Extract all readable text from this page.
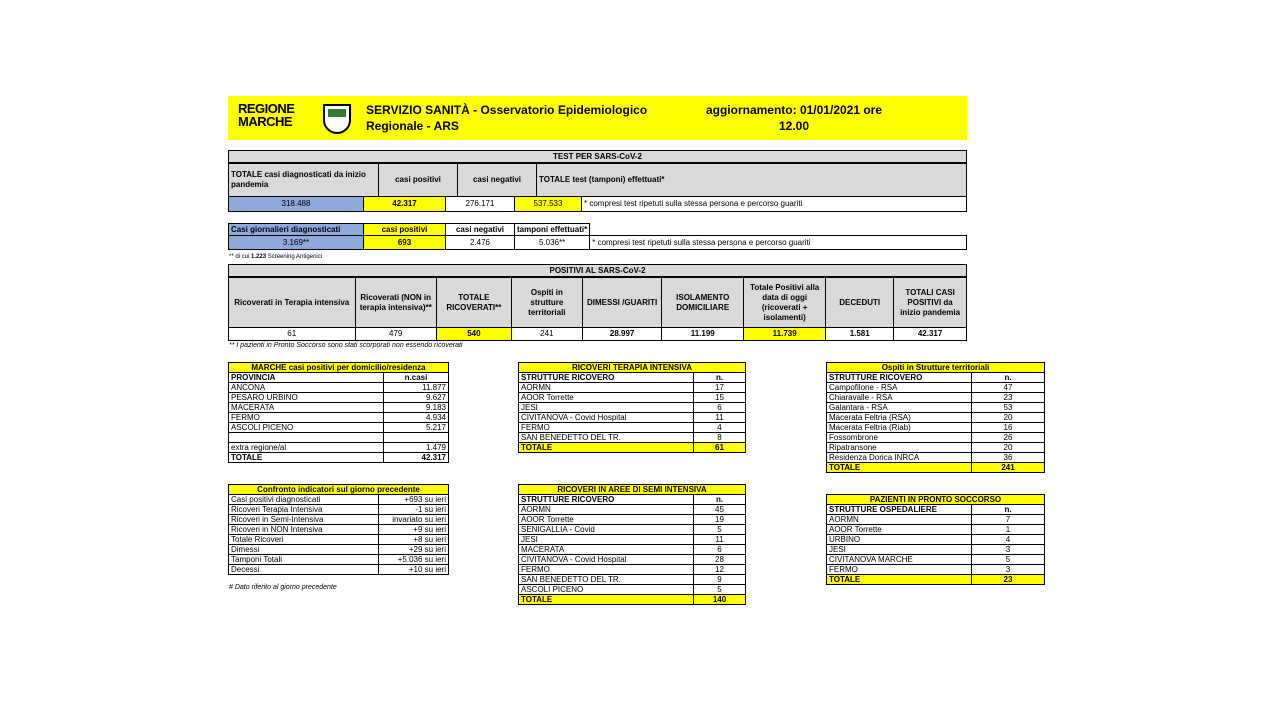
REGIONE
MARCHE
SERVIZIO SANITÀ - Osservatorio Epidemiologico
Regionale - ARS
aggiornamento: 01/01/2021 ore
12.00
TEST PER SARS-CoV-2
TOTALE casi diagnosticati da inizio pandemia	casi positivi	casi negativi	TOTALE test (tamponi) effettuati*
318.488	42.317	276.171	537.533	* compresi test ripetuti sulla stessa persona e percorso guariti
Casi giornalieri diagnosticati	casi positivi	casi negativi	tamponi effettuati*	
3.169**	693	2.476	5.036**	* compresi test ripetuti sulla stessa persona e percorso guariti
** di cui 1.223 Screening Antigenici
POSITIVI AL SARS-CoV-2
Ricoverati in Terapia intensiva	Ricoverati (NON in terapia intensiva)**	TOTALE RICOVERATI**	Ospiti in strutture territoriali	DIMESSI /GUARITI	ISOLAMENTO DOMICILIARE	Totale Positivi alla data di oggi (ricoverati + isolamenti)	DECEDUTI	TOTALI CASI POSITIVI da inizio pandemia
61	479	540	241	28.997	11.199	11.739	1.581	42.317
** I pazienti in Pronto Soccorso sono stati scorporati non essendo ricoverati
MARCHE casi positivi per domicilio/residenza	
PROVINCIA	n.casi
ANCONA	11.877
PESARO URBINO	9.627
MACERATA	9.183
FERMO	4.934
ASCOLI PICENO	5.217

extra regione/al	1.479
TOTALE	42.317
Confronto indicatori sul giorno precedente	
Casi positivi diagnosticati	+693 su ieri
Ricoveri Terapia Intensiva	-1 su ieri
Ricoveri in Semi-Intensiva	invariato su ieri
Ricoveri in NON Intensiva	+9 su ieri
Totale Ricoveri	+8 su ieri
Dimessi	+29 su ieri
Tamponi Totali	+5.036 su ieri
Decessi	+10 su ieri
# Dato riferito al giorno precedente
RICOVERI TERAPIA INTENSIVA	
STRUTTURE RICOVERO	n.
AORMN	17
AOOR Torrette	15
JESI	6
CIVITANOVA - Covid Hospital	11
FERMO	4
SAN BENEDETTO DEL TR.	8
TOTALE	61
RICOVERI IN AREE DI SEMI INTENSIVA	
STRUTTURE RICOVERO	n.
AORMN	45
AOOR Torrette	19
SENIGALLIA - Covid	5
JESI	11
MACERATA	6
CIVITANOVA - Covid Hospital	28
FERMO	12
SAN BENEDETTO DEL TR.	9
ASCOLI PICENO	5
TOTALE	140
Ospiti in Strutture territoriali	
STRUTTURE RICOVERO	n.
Campofilone - RSA	47
Chiaravalle - RSA	23
Galantara - RSA	53
Macerata Feltria (RSA)	20
Macerata Feltria (Riab)	16
Fossombrone	26
Ripatransone	20
Residenza Dorica INRCA	36
TOTALE	241
PAZIENTI IN PRONTO SOCCORSO	
STRUTTURE OSPEDALIERE	n.
AORMN	7
AOOR Torrette	1
URBINO	4
JESI	3
CIVITANOVA MARCHE	5
FERMO	3
TOTALE	23
